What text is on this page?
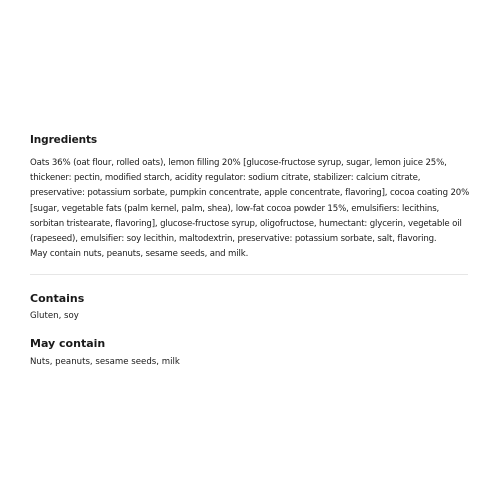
Ingredients

Oats 36% (oat flour, rolled oats), lemon filling 20% [glucose-fructose syrup, sugar, lemon juice 25%, thickener: pectin, modified starch, acidity regulator: sodium citrate, stabilizer: calcium citrate, preservative: potassium sorbate, pumpkin concentrate, apple concentrate, flavoring], cocoa coating 20% [sugar, vegetable fats (palm kernel, palm, shea), low-fat cocoa powder 15%, emulsifiers: lecithins, sorbitan tristearate, flavoring], glucose-fructose syrup, oligofructose, humectant: glycerin, vegetable oil (rapeseed), emulsifier: soy lecithin, maltodextrin, preservative: potassium sorbate, salt, flavoring.

May contain nuts, peanuts, sesame seeds, and milk.

Contains

Gluten, soy

May contain

Nuts, peanuts, sesame seeds, milk
